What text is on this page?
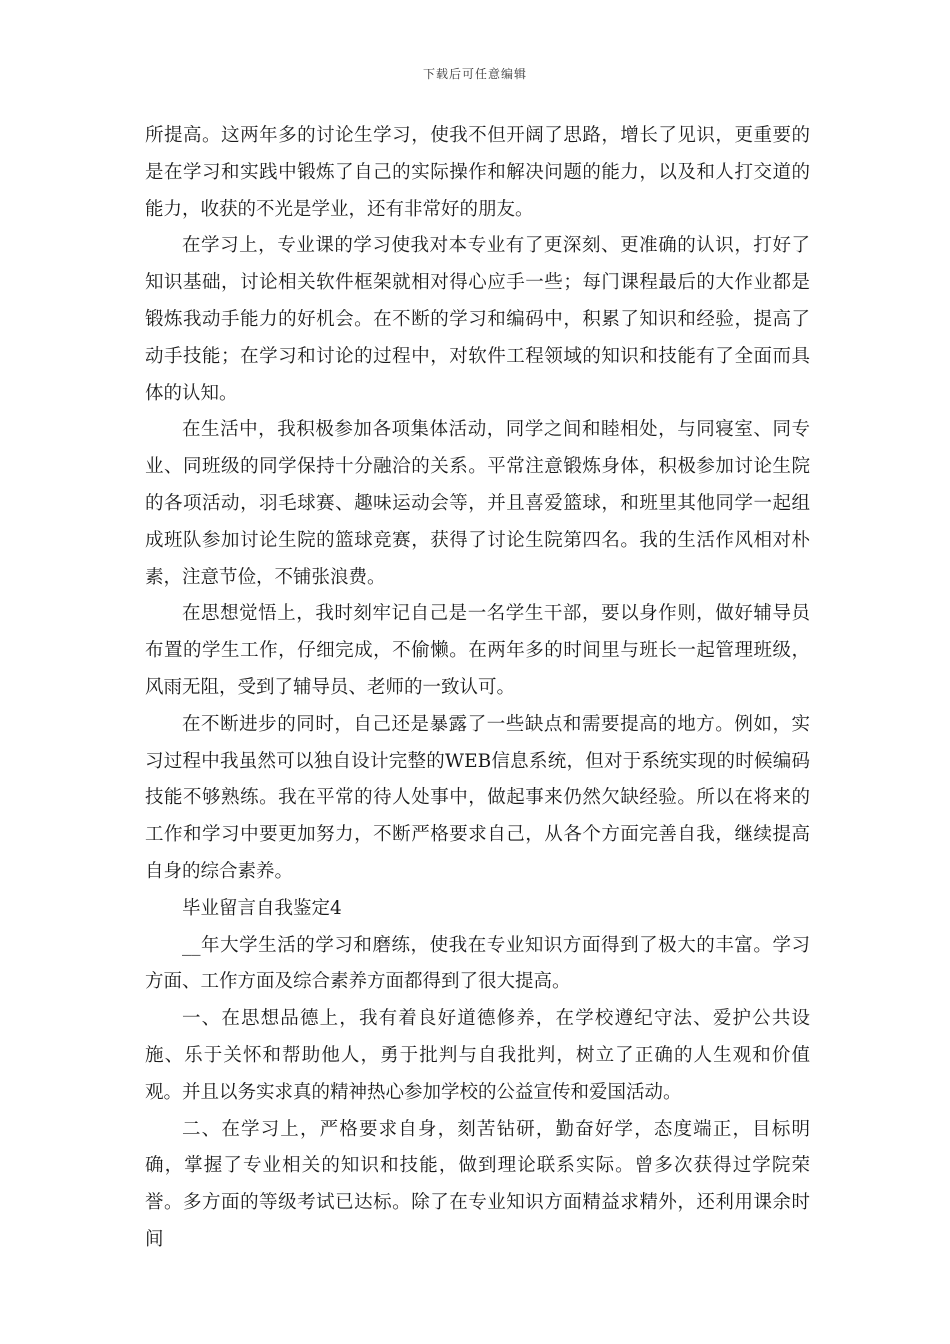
下载后可任意编辑

所提高。这两年多的讨论生学习，使我不但开阔了思路，增长了见识，更重要的是在学习和实践中锻炼了自己的实际操作和解决问题的能力，以及和人打交道的能力，收获的不光是学业，还有非常好的朋友。

在学习上，专业课的学习使我对本专业有了更深刻、更准确的认识，打好了知识基础，讨论相关软件框架就相对得心应手一些；每门课程最后的大作业都是锻炼我动手能力的好机会。在不断的学习和编码中，积累了知识和经验，提高了动手技能；在学习和讨论的过程中，对软件工程领域的知识和技能有了全面而具体的认知。

在生活中，我积极参加各项集体活动，同学之间和睦相处，与同寝室、同专业、同班级的同学保持十分融洽的关系。平常注意锻炼身体，积极参加讨论生院的各项活动，羽毛球赛、趣味运动会等，并且喜爱篮球，和班里其他同学一起组成班队参加讨论生院的篮球竞赛，获得了讨论生院第四名。我的生活作风相对朴素，注意节俭，不铺张浪费。

在思想觉悟上，我时刻牢记自己是一名学生干部，要以身作则，做好辅导员布置的学生工作，仔细完成，不偷懒。在两年多的时间里与班长一起管理班级，风雨无阻，受到了辅导员、老师的一致认可。

在不断进步的同时，自己还是暴露了一些缺点和需要提高的地方。例如，实习过程中我虽然可以独自设计完整的WEB信息系统，但对于系统实现的时候编码技能不够熟练。我在平常的待人处事中，做起事来仍然欠缺经验。所以在将来的工作和学习中要更加努力，不断严格要求自己，从各个方面完善自我，继续提高自身的综合素养。

毕业留言自我鉴定4

__年大学生活的学习和磨练，使我在专业知识方面得到了极大的丰富。学习方面、工作方面及综合素养方面都得到了很大提高。

一、在思想品德上，我有着良好道德修养，在学校遵纪守法、爱护公共设施、乐于关怀和帮助他人，勇于批判与自我批判，树立了正确的人生观和价值观。并且以务实求真的精神热心参加学校的公益宣传和爱国活动。

二、在学习上，严格要求自身，刻苦钻研，勤奋好学，态度端正，目标明确，掌握了专业相关的知识和技能，做到理论联系实际。曾多次获得过学院荣誉。多方面的等级考试已达标。除了在专业知识方面精益求精外，还利用课余时间
